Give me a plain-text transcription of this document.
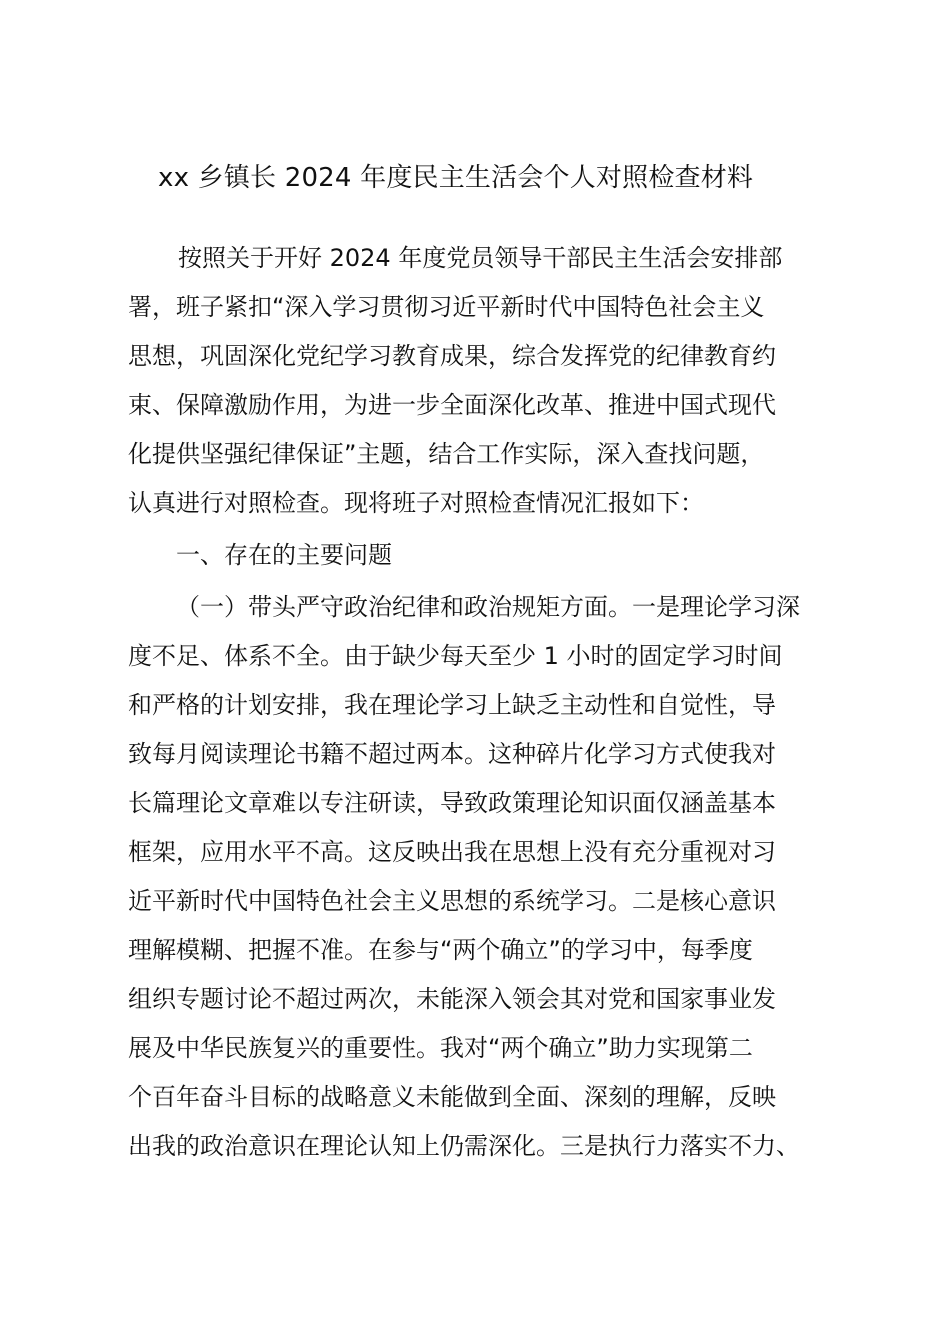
xx 乡镇长 2024 年度民主生活会个人对照检查材料
按照关于开好 2024 年度党员领导干部民主生活会安排部
署，班子紧扣“深入学习贯彻习近平新时代中国特色社会主义
思想，巩固深化党纪学习教育成果，综合发挥党的纪律教育约
束、保障激励作用，为进一步全面深化改革、推进中国式现代
化提供坚强纪律保证”主题，结合工作实际，深入查找问题，
认真进行对照检查。现将班子对照检查情况汇报如下：
一、存在的主要问题
（一）带头严守政治纪律和政治规矩方面。一是理论学习深
度不足、体系不全。由于缺少每天至少 1 小时的固定学习时间
和严格的计划安排，我在理论学习上缺乏主动性和自觉性，导
致每月阅读理论书籍不超过两本。这种碎片化学习方式使我对
长篇理论文章难以专注研读，导致政策理论知识面仅涵盖基本
框架，应用水平不高。这反映出我在思想上没有充分重视对习
近平新时代中国特色社会主义思想的系统学习。二是核心意识
理解模糊、把握不准。在参与“两个确立”的学习中，每季度
组织专题讨论不超过两次，未能深入领会其对党和国家事业发
展及中华民族复兴的重要性。我对“两个确立”助力实现第二
个百年奋斗目标的战略意义未能做到全面、深刻的理解，反映
出我的政治意识在理论认知上仍需深化。三是执行力落实不力、
